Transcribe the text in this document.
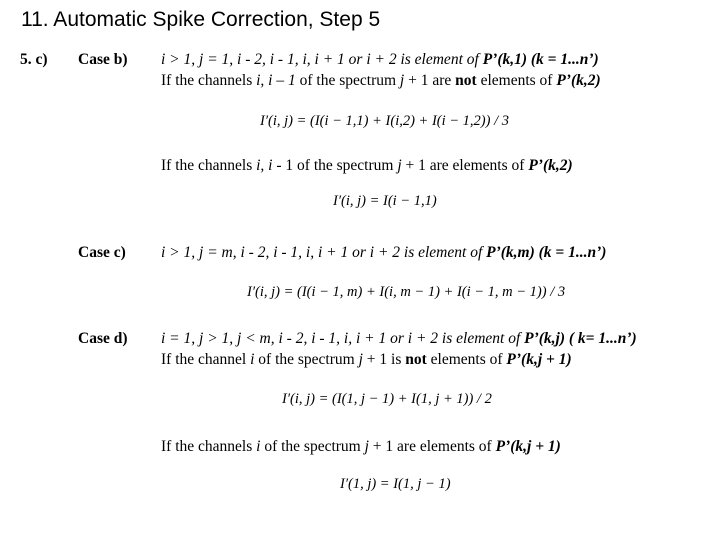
11. Automatic Spike Correction, Step 5
5. c) Case b) i > 1, j = 1, i - 2, i - 1, i, i + 1 or i + 2 is element of P’(k,1) (k = 1...n’)
If the channels i, i – 1 of the spectrum j + 1 are not elements of P’(k,2)
I′(i, j) = (I(i − 1,1) + I(i,2) + I(i − 1,2)) / 3
If the channels i, i - 1 of the spectrum j + 1 are elements of P’(k,2)
I′(i, j) = I(i − 1,1)
Case c) i > 1, j = m, i - 2, i - 1, i, i + 1 or i + 2 is element of P’(k,m) (k = 1...n’)
I′(i, j) = (I(i − 1, m) + I(i, m − 1) + I(i − 1, m − 1)) / 3
Case d) i = 1, j > 1, j < m, i - 2, i - 1, i, i + 1 or i + 2 is element of P’(k,j) ( k= 1...n’)
If the channel i of the spectrum j + 1 is not elements of P’(k,j + 1)
I′(i, j) = (I(1, j − 1) + I(1, j + 1)) / 2
If the channels i of the spectrum j + 1 are elements of P’(k,j + 1)
I′(1, j) = I(1, j − 1)
